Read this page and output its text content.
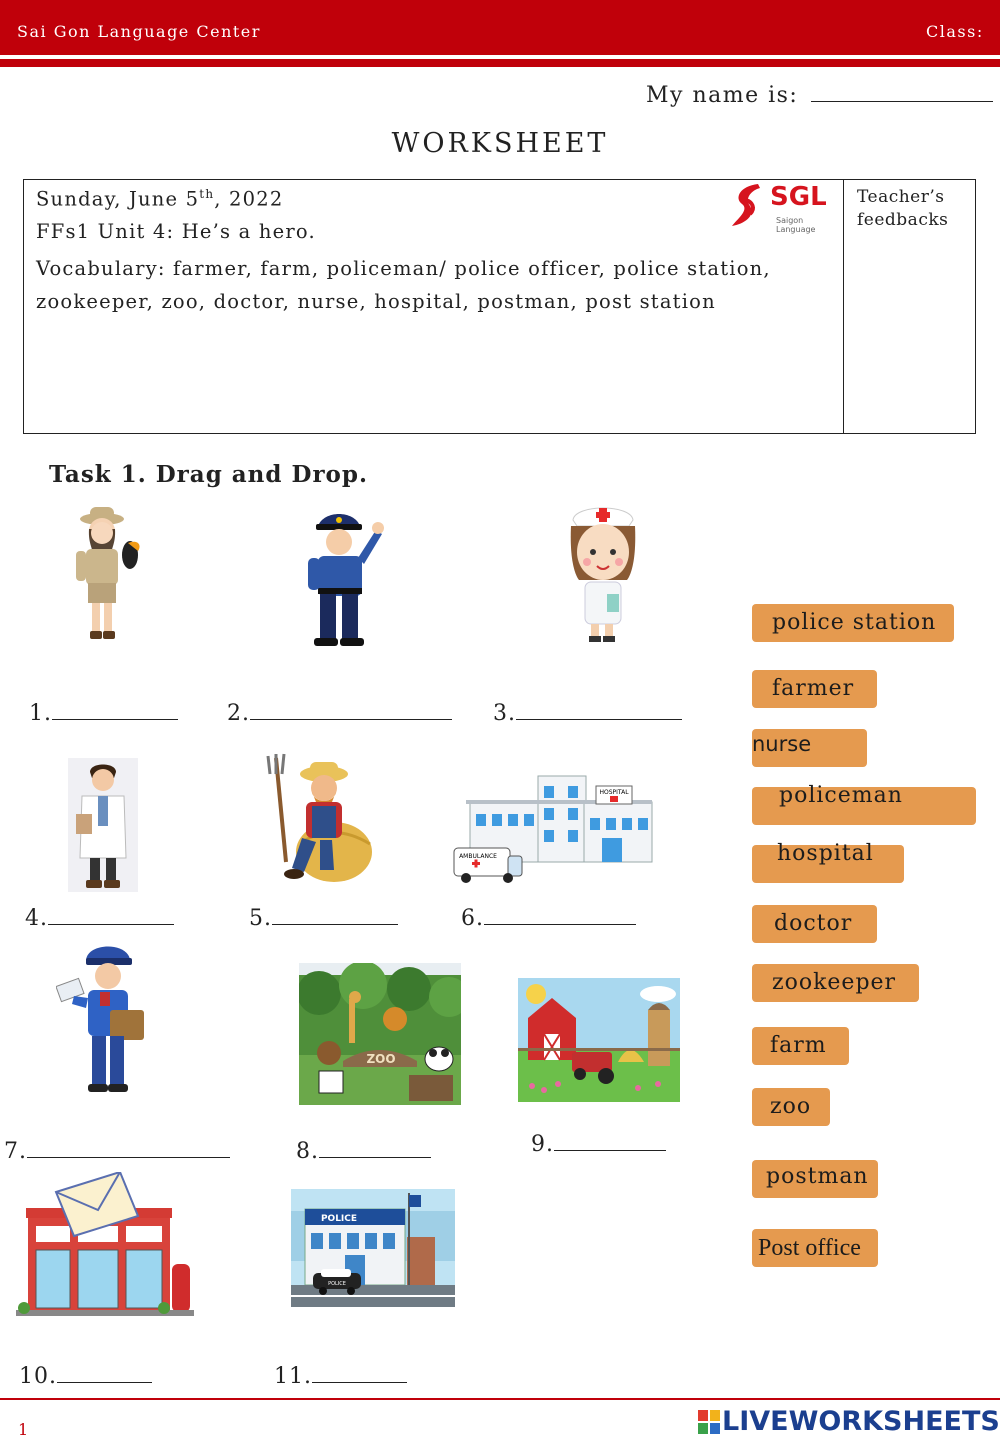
Sai Gon Language Center	Class:
My name is:
WORKSHEET
Sunday, June 5th, 2022
FFs1 Unit 4: He’s a hero.
Vocabulary: farmer, farm, policeman/ police officer, police station,
zookeeper, zoo, doctor, nurse, hospital, postman, post station
SGL
Saigon Language
Teacher’s
feedbacks
Task 1. Drag and Drop.
HOSPITAL
AMBULANCE
ZOO
POLICE
POLICE
1.	2.	3.
4.	5.	6.
7.	8.	9.
10.	11.
police station
farmer
nurse
policeman
hospital
doctor
zookeeper
farm
zoo
postman
Post office
1	LIVEWORKSHEETS
